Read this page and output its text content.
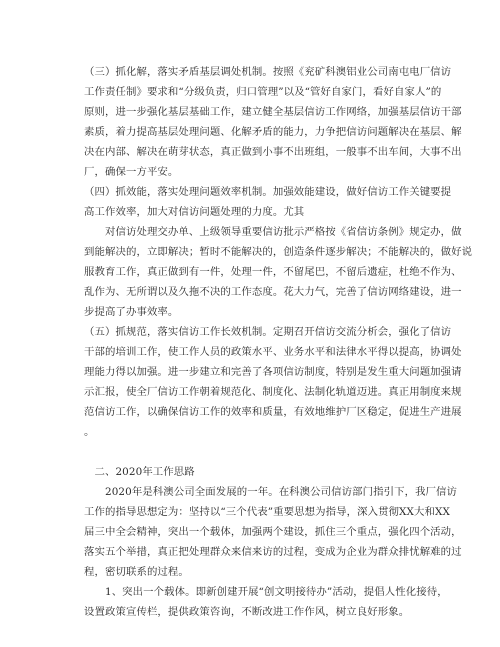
（三）抓化解，落实矛盾基层调处机制。按照《兖矿科澳铝业公司南屯电厂信访
工作责任制》要求和“分级负责，归口管理”以及“管好自家门，看好自家人”的
原则，进一步强化基层基础工作，建立健全基层信访工作网络，加强基层信访干部
素质，着力提高基层处理问题、化解矛盾的能力，力争把信访问题解决在基层、解
决在内部、解决在萌芽状态，真正做到小事不出班组，一般事不出车间，大事不出
厂，确保一方平安。
（四）抓效能，落实处理问题效率机制。加强效能建设，做好信访工作关键要提
高工作效率，加大对信访问题处理的力度。尤其
　　对信访处理交办单、上级领导重要信访批示严格按《省信访条例》规定办，做
到能解决的，立即解决；暂时不能解决的，创造条件逐步解决；不能解决的，做好说
服教育工作，真正做到有一件，处理一件，不留尾巴，不留后遗症，杜绝不作为、
乱作为、无所谓以及久拖不决的工作态度。花大力气，完善了信访网络建设，进一
步提高了办事效率。
（五）抓规范，落实信访工作长效机制。定期召开信访交流分析会，强化了信访
干部的培训工作，使工作人员的政策水平、业务水平和法律水平得以提高，协调处
理能力得以加强。进一步建立和完善了各项信访制度，特别是发生重大问题加强请
示汇报，使全厂信访工作朝着规范化、制度化、法制化轨道迈进。真正用制度来规
范信访工作，以确保信访工作的效率和质量，有效地维护厂区稳定，促进生产进展
。
　二、2020年工作思路
　　2020年是科澳公司全面发展的一年。在科澳公司信访部门指引下，我厂信访
工作的指导思想定为：坚持以“三个代表”重要思想为指导，深入贯彻XX大和XX
届三中全会精神，突出一个载体，加强两个建设，抓住三个重点，强化四个活动，
落实五个举措，真正把处理群众来信来访的过程，变成为企业为群众排忧解难的过
程，密切联系的过程。
　　1、突出一个载体。即新创建开展“创文明接待办”活动，提倡人性化接待，
设置政策宣传栏，提供政策咨询，不断改进工作作风，树立良好形象。
